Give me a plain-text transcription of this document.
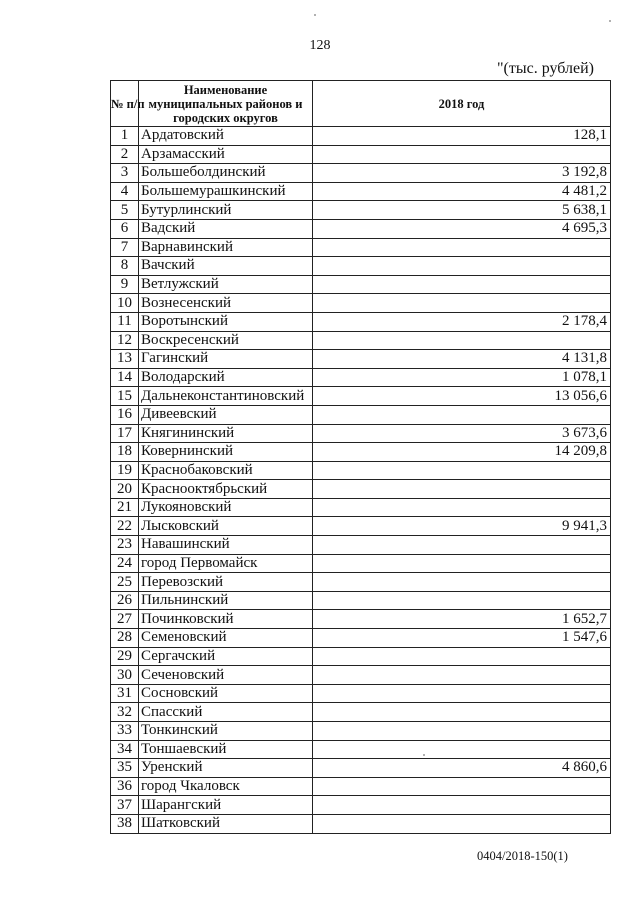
128
"(тыс. рублей)
№ п/п	Наименование муниципальных районов и городских округов	2018 год
1	Ардатовский	128,1
2	Арзамасский	
3	Большеболдинский	3 192,8
4	Большемурашкинский	4 481,2
5	Бутурлинский	5 638,1
6	Вадский	4 695,3
7	Варнавинский	
8	Вачский	
9	Ветлужский	
10	Вознесенский	
11	Воротынский	2 178,4
12	Воскресенский	
13	Гагинский	4 131,8
14	Володарский	1 078,1
15	Дальнеконстантиновский	13 056,6
16	Дивеевский	
17	Княгининский	3 673,6
18	Ковернинский	14 209,8
19	Краснобаковский	
20	Краснооктябрьский	
21	Лукояновский	
22	Лысковский	9 941,3
23	Навашинский	
24	город Первомайск	
25	Перевозский	
26	Пильнинский	
27	Починковский	1 652,7
28	Семеновский	1 547,6
29	Сергачский	
30	Сеченовский	
31	Сосновский	
32	Спасский	
33	Тонкинский	
34	Тоншаевский	
35	Уренский	4 860,6
36	город Чкаловск	
37	Шарангский	
38	Шатковский	
0404/2018-150(1)
